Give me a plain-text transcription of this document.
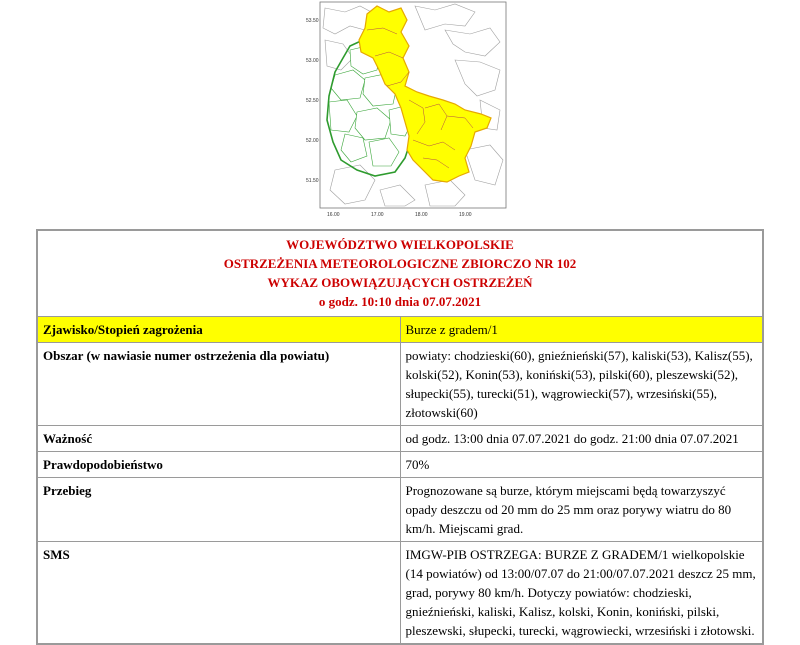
53.50
53.00
52.50
52.00
51.50
16.00	17.00	18.00	19.00
WOJEWÓDZTWO WIELKOPOLSKIE
OSTRZEŻENIA METEOROLOGICZNE ZBIORCZO NR 102
WYKAZ OBOWIĄZUJĄCYCH OSTRZEŻEŃ
o godz. 10:10 dnia 07.07.2021	

Zjawisko/Stopień zagrożenia	Burze z gradem/1
Obszar (w nawiasie numer ostrzeżenia dla powiatu)	powiaty: chodzieski(60), gnieźnieński(57), kaliski(53), Kalisz(55), kolski(52), Konin(53), koniński(53), pilski(60), pleszewski(52), słupecki(55), turecki(51), wągrowiecki(57), wrzesiński(55), złotowski(60)
Ważność	od godz. 13:00 dnia 07.07.2021 do godz. 21:00 dnia 07.07.2021
Prawdopodobieństwo	70%
Przebieg	Prognozowane są burze, którym miejscami będą towarzyszyć opady deszczu od 20 mm do 25 mm oraz porywy wiatru do 80 km/h. Miejscami grad.
SMS	IMGW-PIB OSTRZEGA: BURZE Z GRADEM/1 wielkopolskie (14 powiatów) od 13:00/07.07 do 21:00/07.07.2021 deszcz 25 mm, grad, porywy 80 km/h. Dotyczy powiatów: chodzieski, gnieźnieński, kaliski, Kalisz, kolski, Konin, koniński, pilski, pleszewski, słupecki, turecki, wągrowiecki, wrzesiński i złotowski.
